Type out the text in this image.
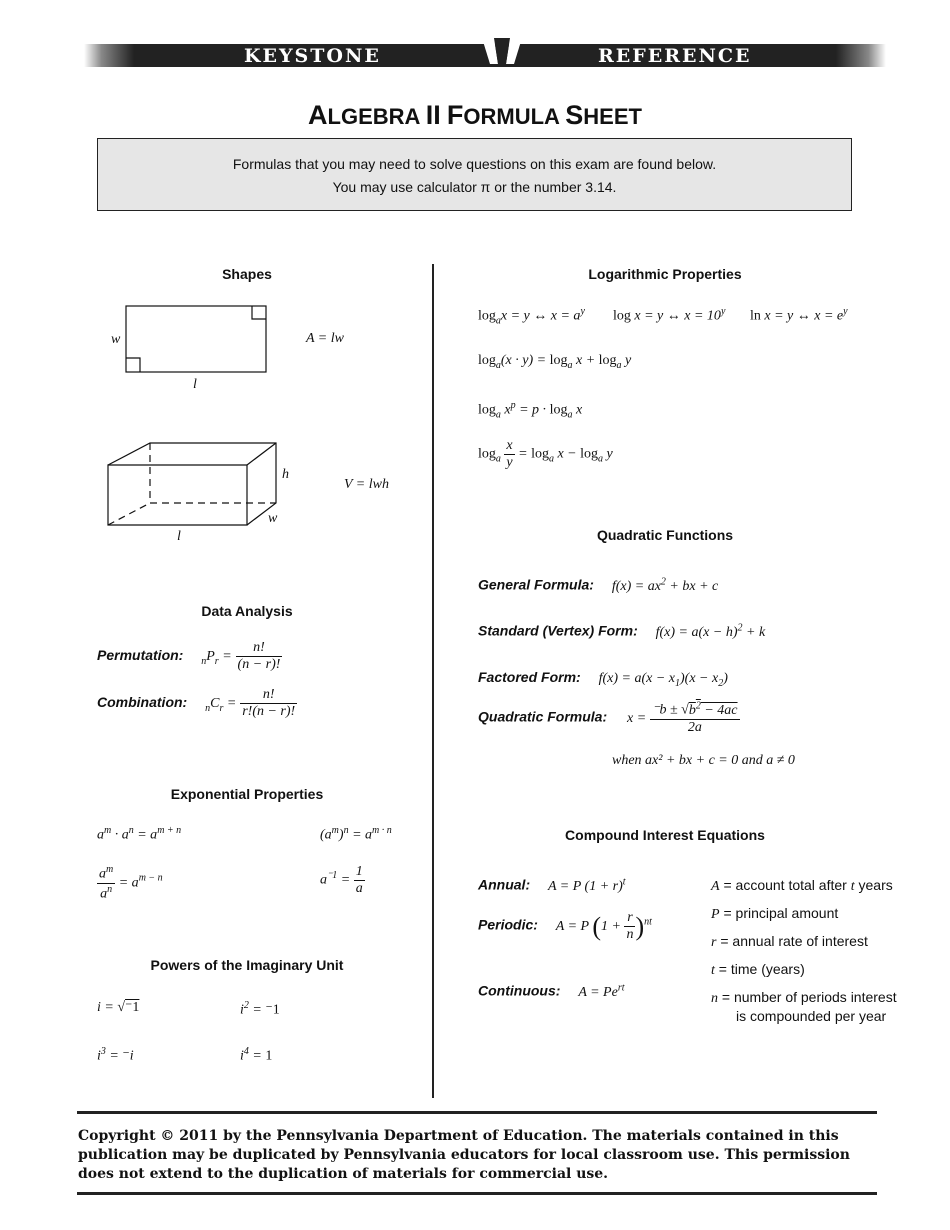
KEYSTONE	REFERENCE
ALGEBRA II FORMULA SHEET
Formulas that you may need to solve questions on this exam are found below.
You may use calculator π or the number 3.14.
Shapes
w
l
A = lw
h
w
l
V = lwh
Data Analysis
Permutation: $_nP_r = \frac{n!}{(n - r)!}$
Combination: $_nC_r = \frac{n!}{r!(n - r)!}$
Exponential Properties
$a^m \cdot a^n = a^{m + n}$	$(a^m)^n = a^{m \cdot n}$
$\frac{a^m}{a^n} = a^{m - n}$	$a^{^-1} = \frac{1}{a}$
Powers of the Imaginary Unit
i = √⁻1	$i^2 = ^-1$
$i^3 = ^-i$	$i^4 = 1$
Logarithmic Properties
$\log_ax = y$ ↔ $x = a^y$ log x = y ↔ $x = 10^y$ ln x = y ↔ $x = e^y$
$\log_a(x \cdot y) = \log_a x + \log_a y$
$\log_a x^p = p \cdot \log_a x$
$\log_a \frac{x}{y} = \log_a x - \log_a y$
Quadratic Functions
General Formula: $f(x) = ax^2$ + bx + c
Standard (Vertex) Form: $f(x) = a(x - h)^2 + k$
Factored Form: $f(x) = a(x - x_1)(x - x_2)$
Quadratic Formula: $x = \frac{^-b \pm √b^2 - 4ac}{2a}$
when ax² + bx + c = 0 and a ≠ 0
Compound Interest Equations
Annual: A = P $(1 + r)^t$
Periodic: A = P $(1 + \frac{r}{n} )^{nt}$
Continuous: $A = Pe^{rt}$
A = account total after t years
P = principal amount
r = annual rate of interest
t = time (years)
n = number of periods interest
is compounded per year
Copyright © 2011 by the Pennsylvania Department of Education. The materials contained in this publication may be duplicated by Pennsylvania educators for local classroom use. This permission does not extend to the duplication of materials for commercial use.
